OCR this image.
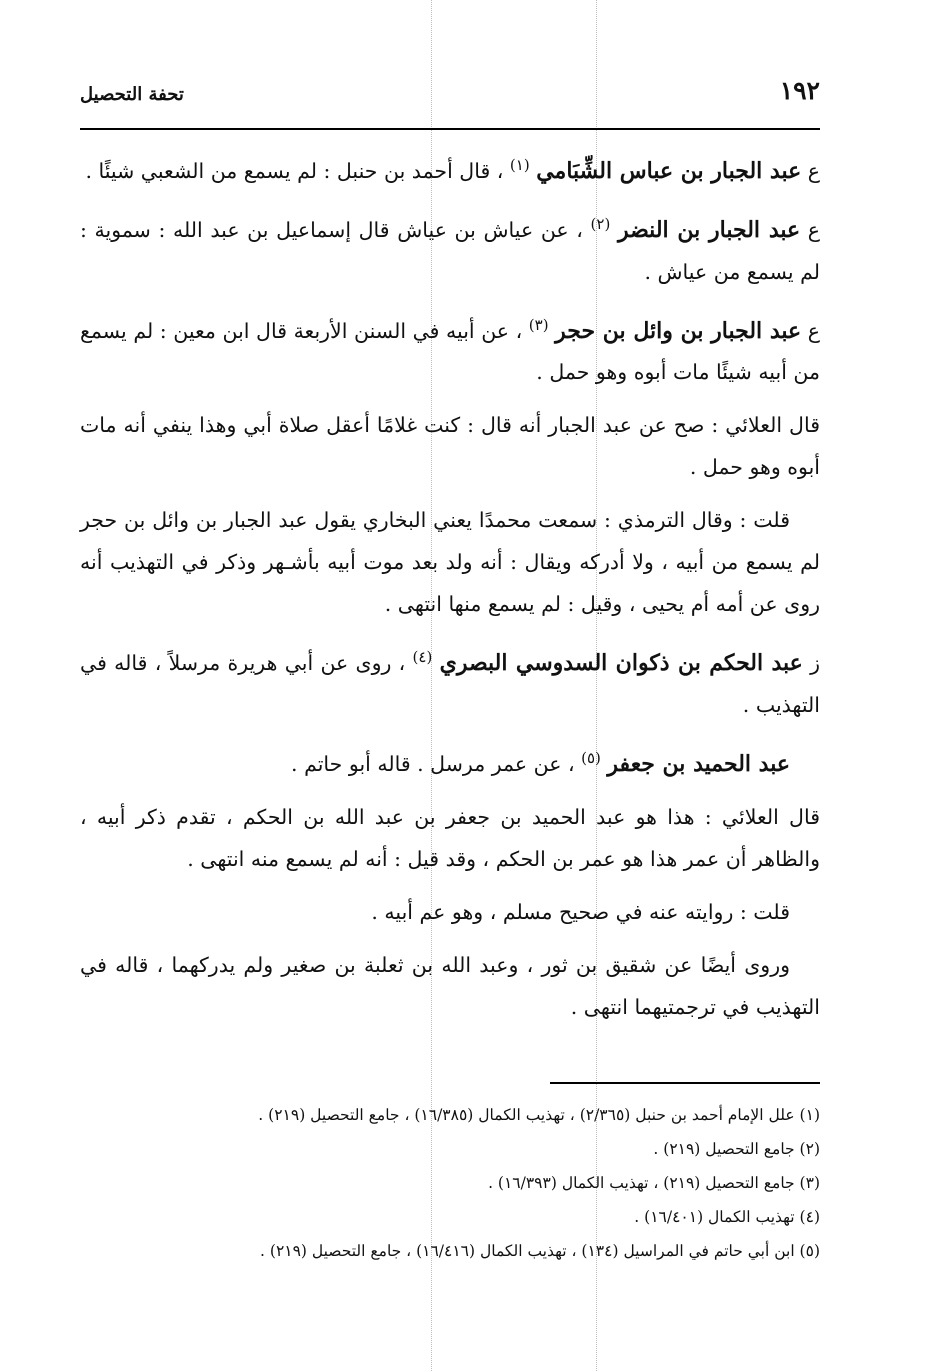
١٩٢
تحفة التحصيل

ع عبد الجبار بن عباس الشِّبَامي $^{(١)}$ ، قال أحمد بن حنبل : لم يسمع من الشعبي شيئًا .

ع عبد الجبار بن النضر $^{(٢)}$ ، عن عياش بن عياش قال إسماعيل بن عبد الله : سموية : لم يسمع من عياش .

ع عبد الجبار بن وائل بن حجر $^{(٣)}$ ، عن أبيه في السنن الأربعة قال ابن معين : لم يسمع من أبيه شيئًا مات أبوه وهو حمل .

قال العلائي : صح عن عبد الجبار أنه قال : كنت غلامًا أعقل صلاة أبي وهذا ينفي أنه مات أبوه وهو حمل .

قلت : وقال الترمذي : سمعت محمدًا يعني البخاري يقول عبد الجبار بن وائل بن حجر لم يسمع من أبيه ، ولا أدركه ويقال : أنه ولد بعد موت أبيه بأشـهر وذكر في التهذيب أنه روى عن أمه أم يحيى ، وقيل : لم يسمع منها انتهى .

ز عبد الحكم بن ذكوان السدوسي البصري $^{(٤)}$ ، روى عن أبي هريرة مرسلاً ، قاله في التهذيب .

عبد الحميد بن جعفر $^{(٥)}$ ، عن عمر مرسل . قاله أبو حاتم .

قال العلائي : هذا هو عبد الحميد بن جعفر بن عبد الله بن الحكم ، تقدم ذكر أبيه ، والظاهر أن عمر هذا هو عمر بن الحكم ، وقد قيل : أنه لم يسمع منه انتهى .

قلت : روايته عنه في صحيح مسلم ، وهو عم أبيه .

وروى أيضًا عن شقيق بن ثور ، وعبد الله بن ثعلبة بن صغير ولم يدركهما ، قاله في التهذيب في ترجمتيهما انتهى .

(١) علل الإمام أحمد بن حنبل (٢/٣٦٥) ، تهذيب الكمال (١٦/٣٨٥) ، جامع التحصيل (٢١٩) .

(٢) جامع التحصيل (٢١٩) .

(٣) جامع التحصيل (٢١٩) ، تهذيب الكمال (١٦/٣٩٣) .

(٤) تهذيب الكمال (١٦/٤٠١) .

(٥) ابن أبي حاتم في المراسيل (١٣٤) ، تهذيب الكمال (١٦/٤١٦) ، جامع التحصيل (٢١٩) .
